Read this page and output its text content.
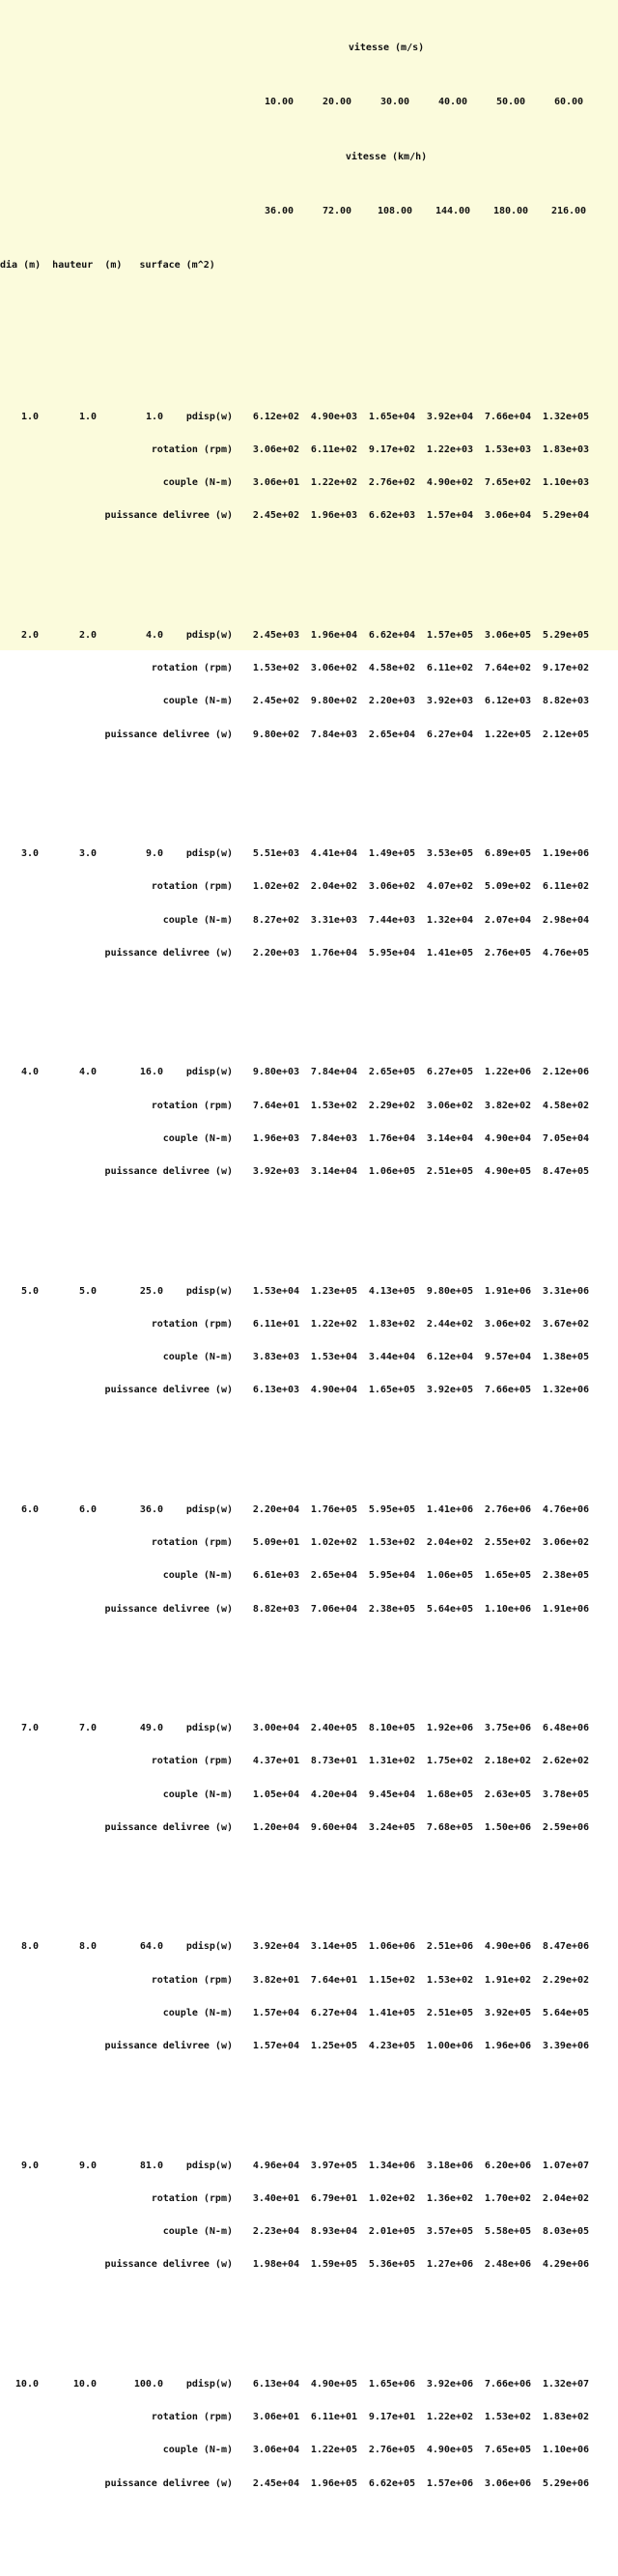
vitesse (m/s)

10.00	20.00	30.00	40.00	50.00	60.00

vitesse (km/h)

36.00	72.00	108.00	144.00	180.00	216.00

dia (m)  hauteur  (m)   surface (m^2)

1.0	1.0	1.0	pdisp(w)	6.12e+02	4.90e+03	1.65e+04	3.92e+04	7.66e+04	1.32e+05

rotation (rpm)	3.06e+02	6.11e+02	9.17e+02	1.22e+03	1.53e+03	1.83e+03

couple (N-m)	3.06e+01	1.22e+02	2.76e+02	4.90e+02	7.65e+02	1.10e+03

puissance delivree (w)	2.45e+02	1.96e+03	6.62e+03	1.57e+04	3.06e+04	5.29e+04

2.0	2.0	4.0	pdisp(w)	2.45e+03	1.96e+04	6.62e+04	1.57e+05	3.06e+05	5.29e+05

rotation (rpm)	1.53e+02	3.06e+02	4.58e+02	6.11e+02	7.64e+02	9.17e+02

couple (N-m)	2.45e+02	9.80e+02	2.20e+03	3.92e+03	6.12e+03	8.82e+03

puissance delivree (w)	9.80e+02	7.84e+03	2.65e+04	6.27e+04	1.22e+05	2.12e+05

3.0	3.0	9.0	pdisp(w)	5.51e+03	4.41e+04	1.49e+05	3.53e+05	6.89e+05	1.19e+06

rotation (rpm)	1.02e+02	2.04e+02	3.06e+02	4.07e+02	5.09e+02	6.11e+02

couple (N-m)	8.27e+02	3.31e+03	7.44e+03	1.32e+04	2.07e+04	2.98e+04

puissance delivree (w)	2.20e+03	1.76e+04	5.95e+04	1.41e+05	2.76e+05	4.76e+05

4.0	4.0	16.0	pdisp(w)	9.80e+03	7.84e+04	2.65e+05	6.27e+05	1.22e+06	2.12e+06

rotation (rpm)	7.64e+01	1.53e+02	2.29e+02	3.06e+02	3.82e+02	4.58e+02

couple (N-m)	1.96e+03	7.84e+03	1.76e+04	3.14e+04	4.90e+04	7.05e+04

puissance delivree (w)	3.92e+03	3.14e+04	1.06e+05	2.51e+05	4.90e+05	8.47e+05

5.0	5.0	25.0	pdisp(w)	1.53e+04	1.23e+05	4.13e+05	9.80e+05	1.91e+06	3.31e+06

rotation (rpm)	6.11e+01	1.22e+02	1.83e+02	2.44e+02	3.06e+02	3.67e+02

couple (N-m)	3.83e+03	1.53e+04	3.44e+04	6.12e+04	9.57e+04	1.38e+05

puissance delivree (w)	6.13e+03	4.90e+04	1.65e+05	3.92e+05	7.66e+05	1.32e+06

6.0	6.0	36.0	pdisp(w)	2.20e+04	1.76e+05	5.95e+05	1.41e+06	2.76e+06	4.76e+06

rotation (rpm)	5.09e+01	1.02e+02	1.53e+02	2.04e+02	2.55e+02	3.06e+02

couple (N-m)	6.61e+03	2.65e+04	5.95e+04	1.06e+05	1.65e+05	2.38e+05

puissance delivree (w)	8.82e+03	7.06e+04	2.38e+05	5.64e+05	1.10e+06	1.91e+06

7.0	7.0	49.0	pdisp(w)	3.00e+04	2.40e+05	8.10e+05	1.92e+06	3.75e+06	6.48e+06

rotation (rpm)	4.37e+01	8.73e+01	1.31e+02	1.75e+02	2.18e+02	2.62e+02

couple (N-m)	1.05e+04	4.20e+04	9.45e+04	1.68e+05	2.63e+05	3.78e+05

puissance delivree (w)	1.20e+04	9.60e+04	3.24e+05	7.68e+05	1.50e+06	2.59e+06

8.0	8.0	64.0	pdisp(w)	3.92e+04	3.14e+05	1.06e+06	2.51e+06	4.90e+06	8.47e+06

rotation (rpm)	3.82e+01	7.64e+01	1.15e+02	1.53e+02	1.91e+02	2.29e+02

couple (N-m)	1.57e+04	6.27e+04	1.41e+05	2.51e+05	3.92e+05	5.64e+05

puissance delivree (w)	1.57e+04	1.25e+05	4.23e+05	1.00e+06	1.96e+06	3.39e+06

9.0	9.0	81.0	pdisp(w)	4.96e+04	3.97e+05	1.34e+06	3.18e+06	6.20e+06	1.07e+07

rotation (rpm)	3.40e+01	6.79e+01	1.02e+02	1.36e+02	1.70e+02	2.04e+02

couple (N-m)	2.23e+04	8.93e+04	2.01e+05	3.57e+05	5.58e+05	8.03e+05

puissance delivree (w)	1.98e+04	1.59e+05	5.36e+05	1.27e+06	2.48e+06	4.29e+06

10.0	10.0	100.0	pdisp(w)	6.13e+04	4.90e+05	1.65e+06	3.92e+06	7.66e+06	1.32e+07

rotation (rpm)	3.06e+01	6.11e+01	9.17e+01	1.22e+02	1.53e+02	1.83e+02

couple (N-m)	3.06e+04	1.22e+05	2.76e+05	4.90e+05	7.65e+05	1.10e+06

puissance delivree (w)	2.45e+04	1.96e+05	6.62e+05	1.57e+06	3.06e+06	5.29e+06
